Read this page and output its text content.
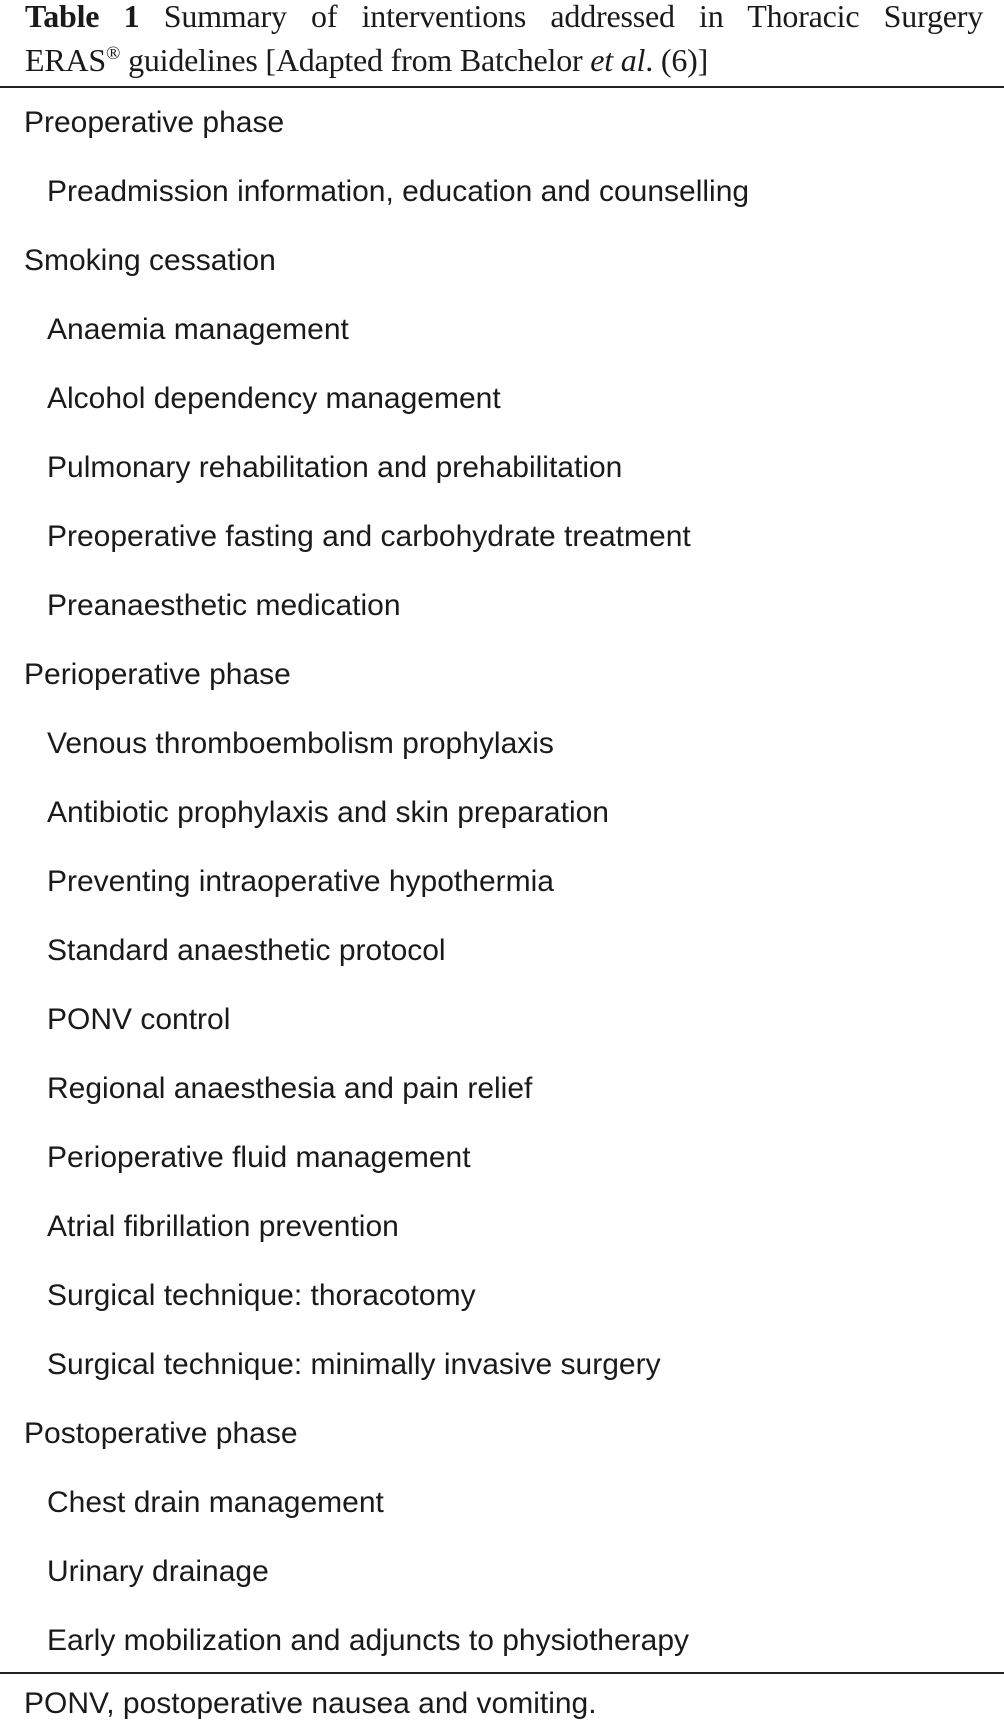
Table 1 Summary of interventions addressed in Thoracic Surgery
ERAS® guidelines [Adapted from Batchelor et al. (6)]
Preoperative phase
Preadmission information, education and counselling
Smoking cessation
Anaemia management
Alcohol dependency management
Pulmonary rehabilitation and prehabilitation
Preoperative fasting and carbohydrate treatment
Preanaesthetic medication
Perioperative phase
Venous thromboembolism prophylaxis
Antibiotic prophylaxis and skin preparation
Preventing intraoperative hypothermia
Standard anaesthetic protocol
PONV control
Regional anaesthesia and pain relief
Perioperative fluid management
Atrial fibrillation prevention
Surgical technique: thoracotomy
Surgical technique: minimally invasive surgery
Postoperative phase
Chest drain management
Urinary drainage
Early mobilization and adjuncts to physiotherapy
PONV, postoperative nausea and vomiting.
